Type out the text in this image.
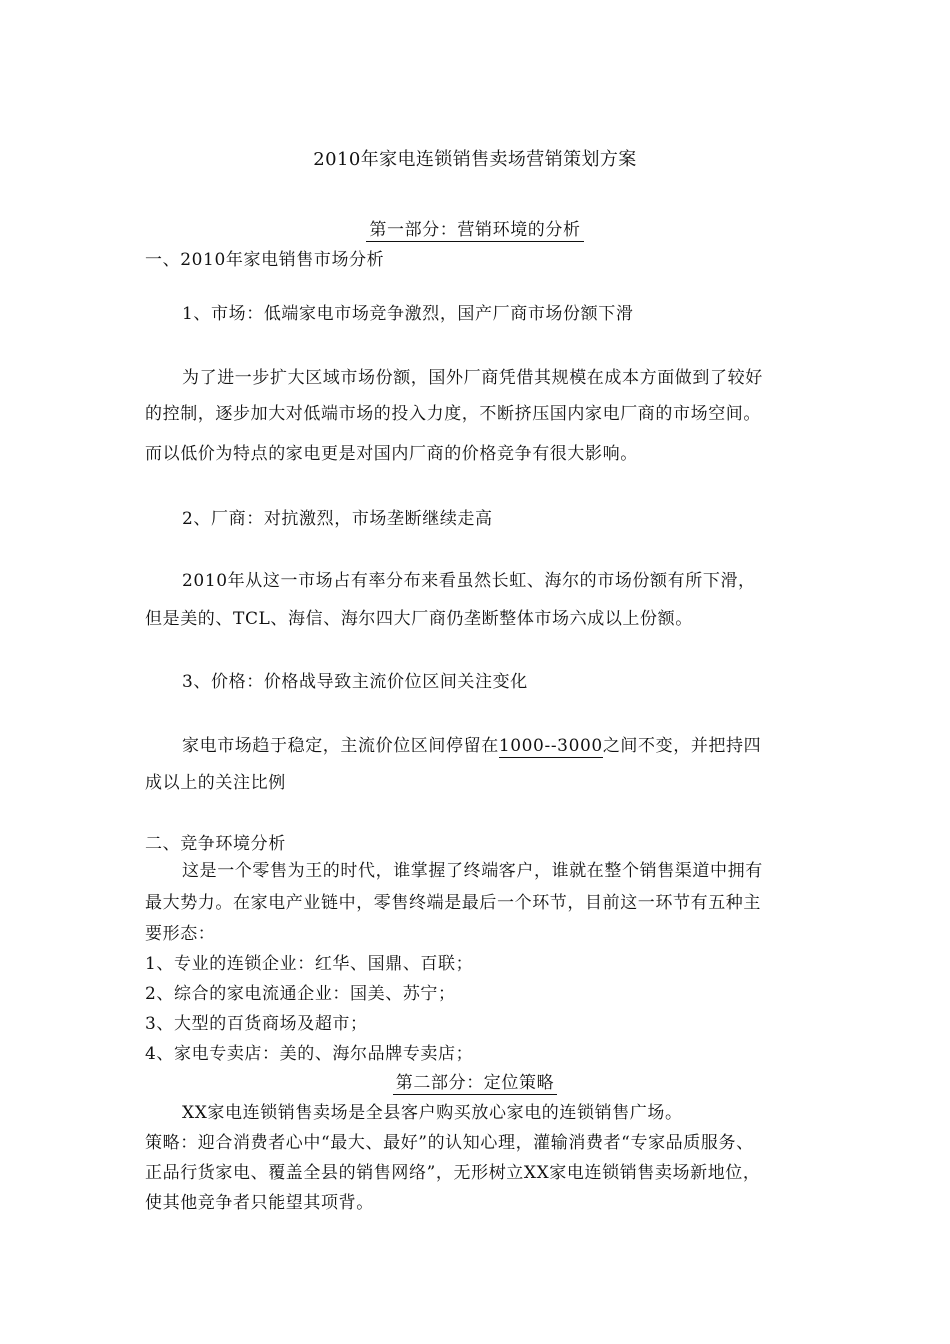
2010年家电连锁销售卖场营销策划方案
第一部分：营销环境的分析
一、2010年家电销售市场分析
1、市场：低端家电市场竞争激烈，国产厂商市场份额下滑
为了进一步扩大区域市场份额，国外厂商凭借其规模在成本方面做到了较好
的控制，逐步加大对低端市场的投入力度，不断挤压国内家电厂商的市场空间。
而以低价为特点的家电更是对国内厂商的价格竞争有很大影响。
2、厂商：对抗激烈，市场垄断继续走高
2010年从这一市场占有率分布来看虽然长虹、海尔的市场份额有所下滑，
但是美的、TCL、海信、海尔四大厂商仍垄断整体市场六成以上份额。
3、价格：价格战导致主流价位区间关注变化
家电市场趋于稳定，主流价位区间停留在1000--3000之间不变，并把持四
成以上的关注比例
二、竞争环境分析
这是一个零售为王的时代，谁掌握了终端客户，谁就在整个销售渠道中拥有
最大势力。在家电产业链中，零售终端是最后一个环节，目前这一环节有五种主
要形态：
1、专业的连锁企业：红华、国鼎、百联；
2、综合的家电流通企业：国美、苏宁；
3、大型的百货商场及超市；
4、家电专卖店：美的、海尔品牌专卖店；
第二部分：定位策略
XX家电连锁销售卖场是全县客户购买放心家电的连锁销售广场。
策略：迎合消费者心中“最大、最好”的认知心理，灌输消费者“专家品质服务、
正品行货家电、覆盖全县的销售网络”，无形树立XX家电连锁销售卖场新地位，
使其他竞争者只能望其项背。
